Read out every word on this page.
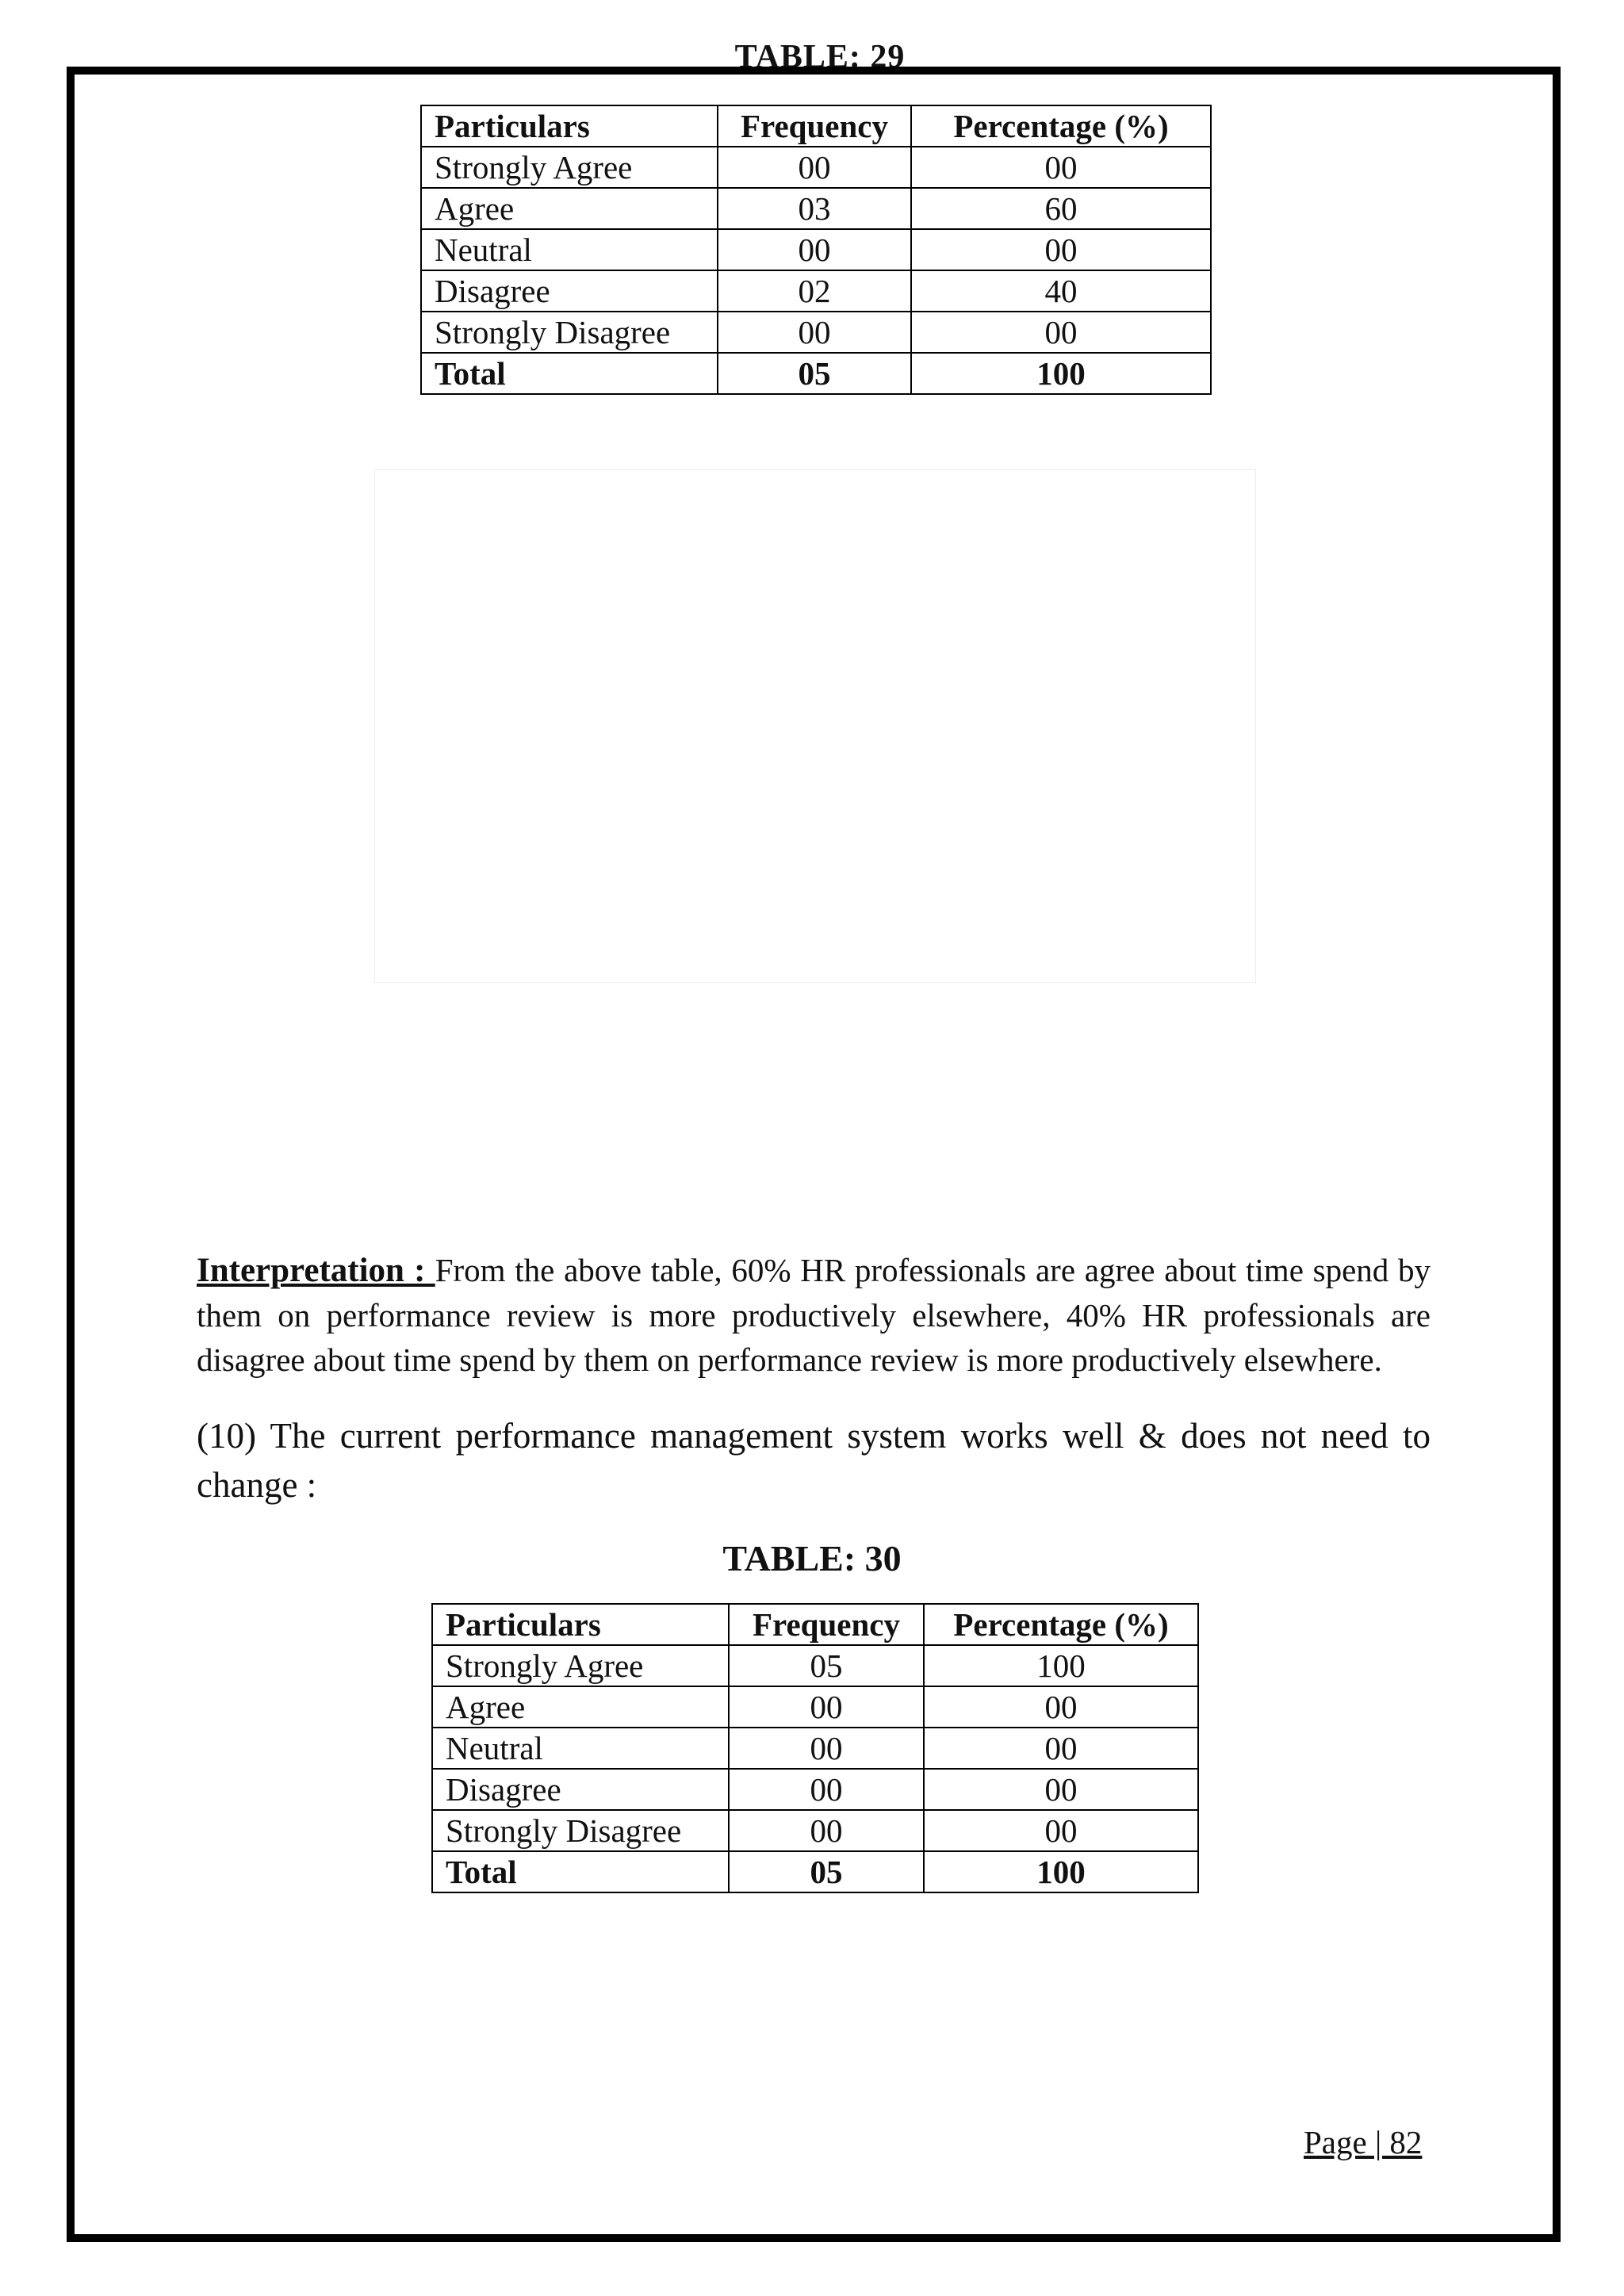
TABLE: 29
Particulars	Frequency	Percentage (%)
Strongly Agree	00	00
Agree	03	60
Neutral	00	00
Disagree	02	40
Strongly Disagree	00	00
Total	05	100
Interpretation : From the above table, 60% HR professionals are agree about time spend by them on performance review is more productively elsewhere, 40% HR professionals are disagree about time spend by them on performance review is more productively elsewhere.
(10) The current performance management system works well & does not need to change :
TABLE: 30
Particulars	Frequency	Percentage (%)
Strongly Agree	05	100
Agree	00	00
Neutral	00	00
Disagree	00	00
Strongly Disagree	00	00
Total	05	100
Page | 82
